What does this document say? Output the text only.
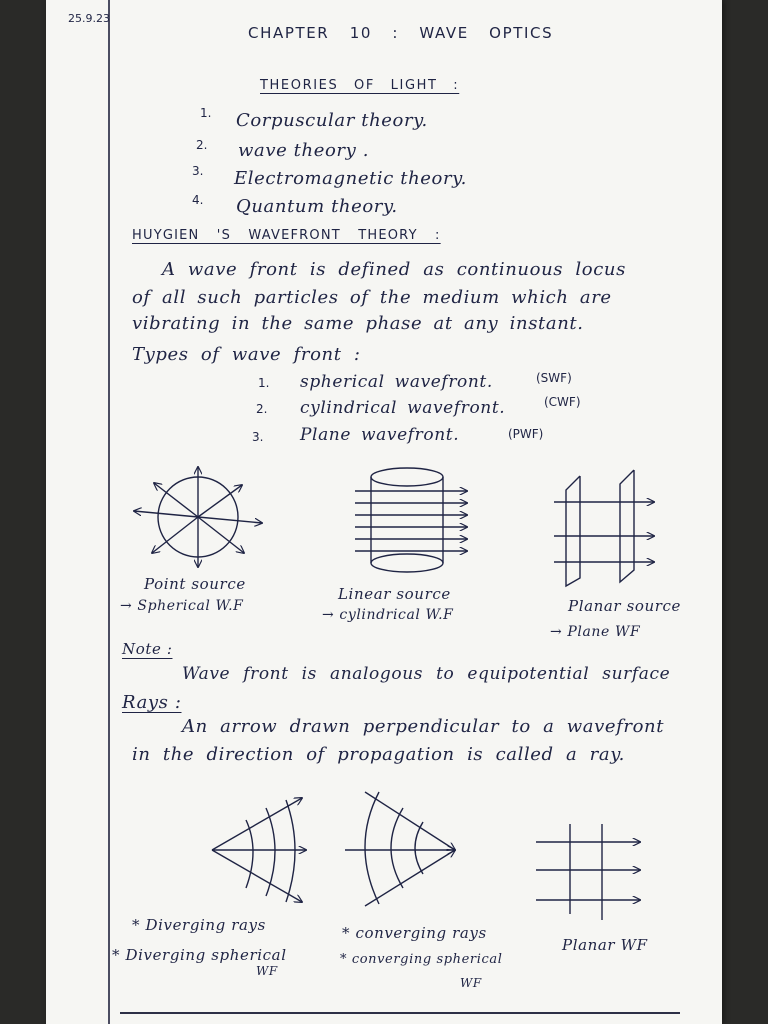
25.9.23
CHAPTER 10 : WAVE OPTICS
THEORIES OF LIGHT :
1. Corpuscular theory.
2. wave theory .
3. Electromagnetic theory.
4. Quantum theory.
HUYGIEN 'S WAVEFRONT THEORY :
A wave front is defined as continuous locus
of all such particles of the medium which are
vibrating in the same phase at any instant.
Types of wave front :
1. spherical wavefront.	(SWF)
2. cylindrical wavefront.	(CWF)
3. Plane wavefront.	(PWF)
Point source
→ Spherical W.F
Linear source
→ cylindrical W.F	Planar source
→ Plane WF
Note :
Wave front is analogous to equipotential surface
Rays :
An arrow drawn perpendicular to a wavefront
in the direction of propagation is called a ray.
* Diverging rays
* Diverging spherical
WF
* converging rays
* converging spherical
WF
Planar WF
